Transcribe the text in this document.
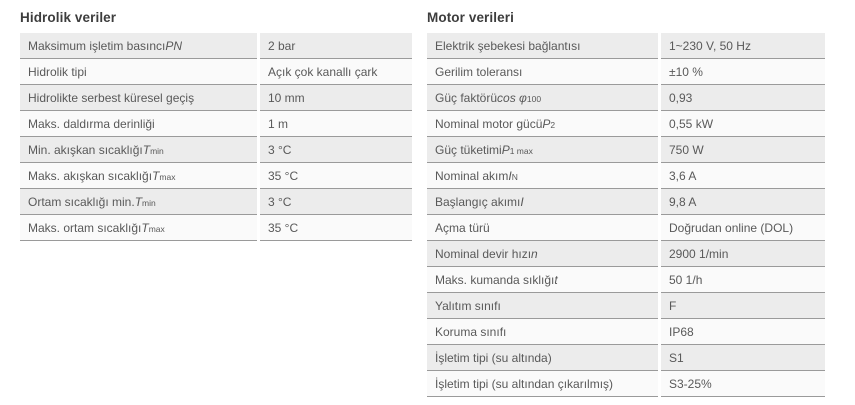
Hidrolik veriler
Maksimum işletim basıncı PN	2 bar
Hidrolik tipi	Açık çok kanallı çark
Hidrolikte serbest küresel geçiş	10 mm
Maks. daldırma derinliği	1 m
Min. akışkan sıcaklığı $T_{min}$	3 °C
Maks. akışkan sıcaklığı $T_{max}$	35 °C
Ortam sıcaklığı min. $T_{min}$	3 °C
Maks. ortam sıcaklığı $T_{max}$	35 °C
Motor verileri
Elektrik şebekesi bağlantısı	1~230 V, 50 Hz
Gerilim toleransı	±10 %
Güç faktörü $\cos \varphi_{100}$	0,93
Nominal motor gücü $P_2$	0,55 kW
Güç tüketimi $P_{1 max}$	750 W
Nominal akım $I_N$	3,6 A
Başlangıç akımı I	9,8 A
Açma türü	Doğrudan online (DOL)
Nominal devir hızı n	2900 1/min
Maks. kumanda sıklığı t	50 1/h
Yalıtım sınıfı	F
Koruma sınıfı	IP68
İşletim tipi (su altında)	S1
İşletim tipi (su altından çıkarılmış)	S3-25%
